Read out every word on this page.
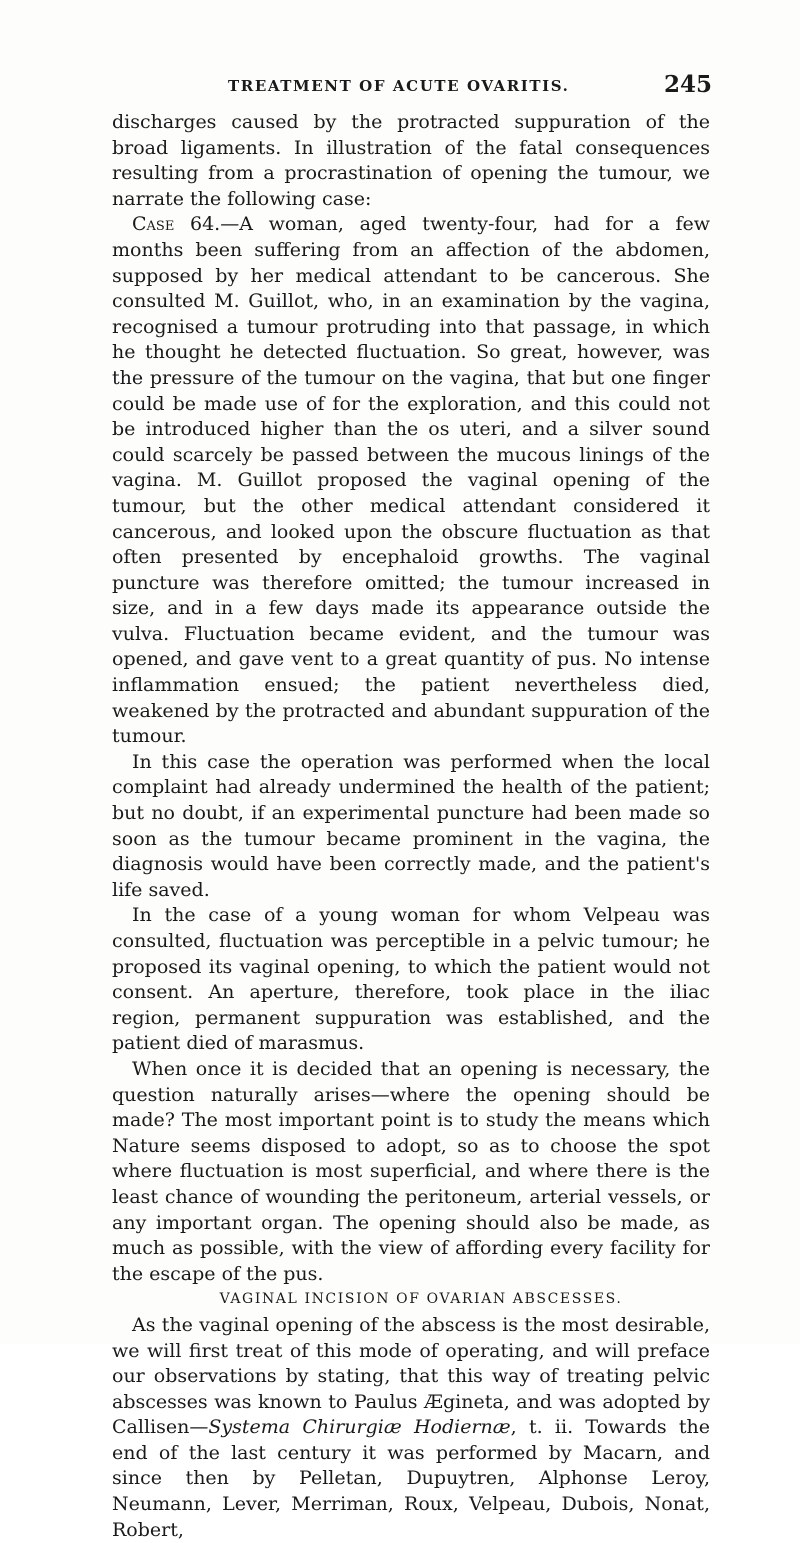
TREATMENT OF ACUTE OVARITIS.	245

discharges caused by the protracted suppuration of the broad ligaments. In illustration of the fatal consequences resulting from a procrastination of opening the tumour, we narrate the following case:

Case 64.—A woman, aged twenty-four, had for a few months been suffering from an affection of the abdomen, supposed by her medical attendant to be cancerous. She consulted M. Guillot, who, in an examination by the vagina, recognised a tumour protruding into that passage, in which he thought he detected fluctuation. So great, however, was the pressure of the tumour on the vagina, that but one finger could be made use of for the exploration, and this could not be introduced higher than the os uteri, and a silver sound could scarcely be passed between the mucous linings of the vagina. M. Guillot proposed the vaginal opening of the tumour, but the other medical attendant considered it cancerous, and looked upon the obscure fluctuation as that often presented by encephaloid growths. The vaginal puncture was therefore omitted; the tumour increased in size, and in a few days made its appearance outside the vulva. Fluctuation became evident, and the tumour was opened, and gave vent to a great quantity of pus. No intense inflammation ensued; the patient nevertheless died, weakened by the protracted and abundant suppuration of the tumour.

In this case the operation was performed when the local complaint had already undermined the health of the patient; but no doubt, if an experimental puncture had been made so soon as the tumour became prominent in the vagina, the diagnosis would have been correctly made, and the patient's life saved.

In the case of a young woman for whom Velpeau was consulted, fluctuation was perceptible in a pelvic tumour; he proposed its vaginal opening, to which the patient would not consent. An aperture, therefore, took place in the iliac region, permanent suppuration was established, and the patient died of marasmus.

When once it is decided that an opening is necessary, the question naturally arises—where the opening should be made? The most important point is to study the means which Nature seems disposed to adopt, so as to choose the spot where fluctuation is most superficial, and where there is the least chance of wounding the peritoneum, arterial vessels, or any important organ. The opening should also be made, as much as possible, with the view of affording every facility for the escape of the pus.

VAGINAL INCISION OF OVARIAN ABSCESSES.

As the vaginal opening of the abscess is the most desirable, we will first treat of this mode of operating, and will preface our observations by stating, that this way of treating pelvic abscesses was known to Paulus Ægineta, and was adopted by Callisen—Systema Chirurgiæ Hodiernæ, t. ii. Towards the end of the last century it was performed by Macarn, and since then by Pelletan, Dupuytren, Alphonse Leroy, Neumann, Lever, Merriman, Roux, Velpeau, Dubois, Nonat, Robert,
